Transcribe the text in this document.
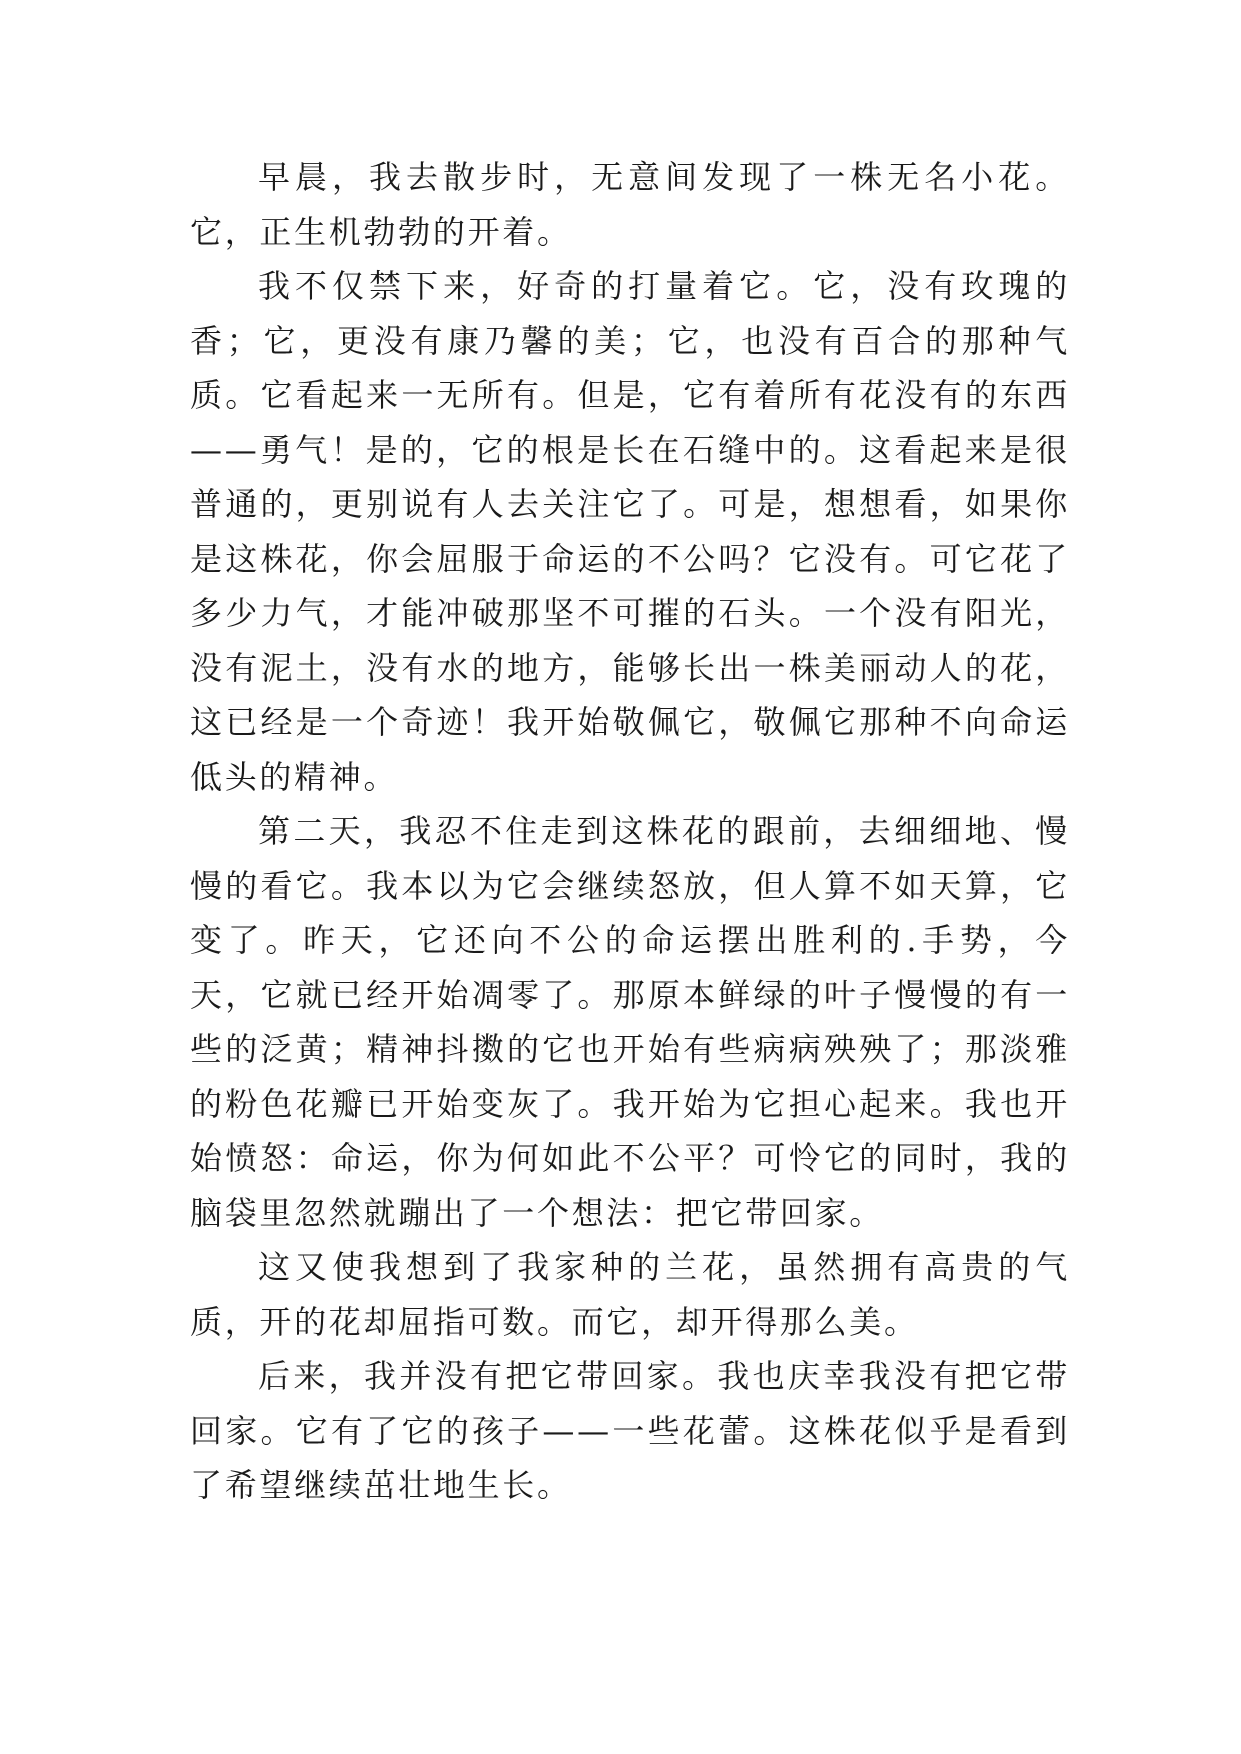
早晨，我去散步时，无意间发现了一株无名小花。它，正生机勃勃的开着。

我不仅禁下来，好奇的打量着它。它，没有玫瑰的香；它，更没有康乃馨的美；它，也没有百合的那种气质。它看起来一无所有。但是，它有着所有花没有的东西——勇气！是的，它的根是长在石缝中的。这看起来是很普通的，更别说有人去关注它了。可是，想想看，如果你是这株花，你会屈服于命运的不公吗？它没有。可它花了多少力气，才能冲破那坚不可摧的石头。一个没有阳光，没有泥土，没有水的地方，能够长出一株美丽动人的花，这已经是一个奇迹！我开始敬佩它，敬佩它那种不向命运低头的精神。

第二天，我忍不住走到这株花的跟前，去细细地、慢慢的看它。我本以为它会继续怒放，但人算不如天算，它变了。昨天，它还向不公的命运摆出胜利的.手势，今天，它就已经开始凋零了。那原本鲜绿的叶子慢慢的有一些的泛黄；精神抖擞的它也开始有些病病殃殃了；那淡雅的粉色花瓣已开始变灰了。我开始为它担心起来。我也开始愤怒：命运，你为何如此不公平？可怜它的同时，我的脑袋里忽然就蹦出了一个想法：把它带回家。

这又使我想到了我家种的兰花，虽然拥有高贵的气质，开的花却屈指可数。而它，却开得那么美。

后来，我并没有把它带回家。我也庆幸我没有把它带回家。它有了它的孩子——一些花蕾。这株花似乎是看到了希望继续茁壮地生长。
